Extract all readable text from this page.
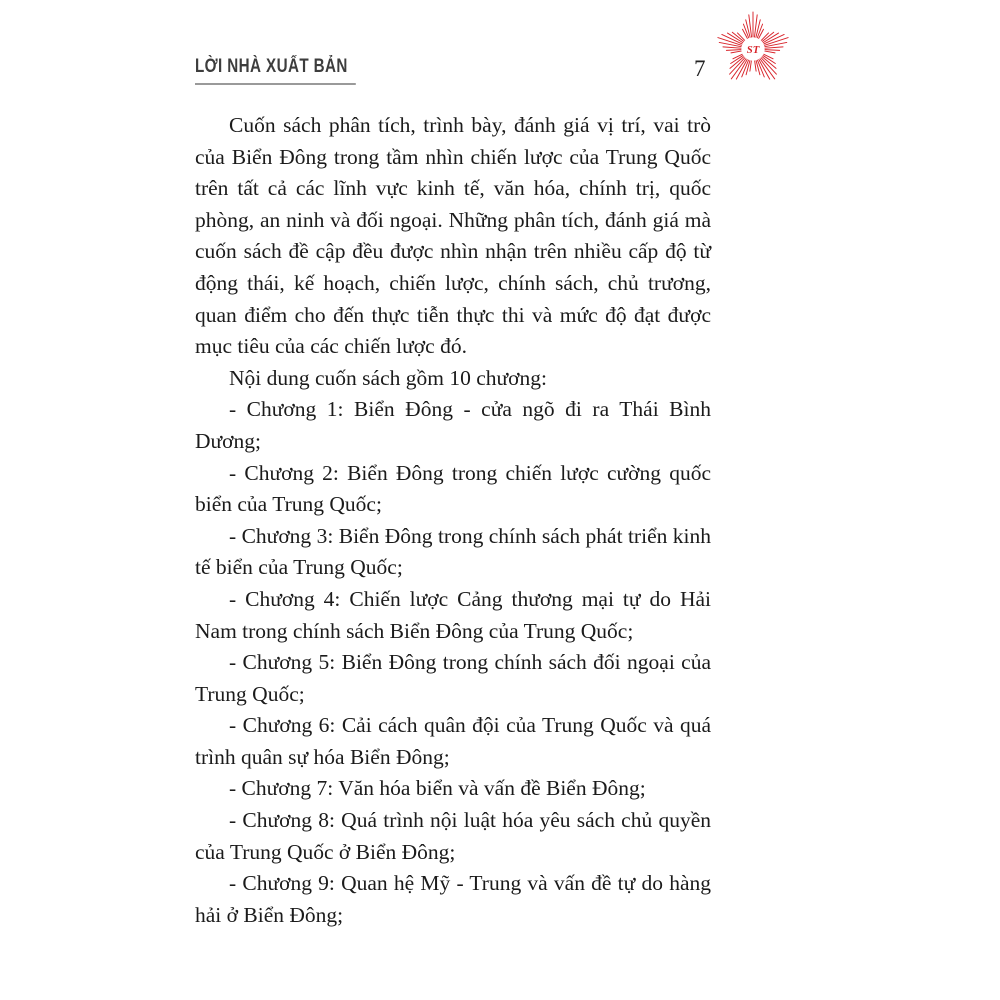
LỜI NHÀ XUẤT BẢN	7
ST

Cuốn sách phân tích, trình bày, đánh giá vị trí, vai trò của Biển Đông trong tầm nhìn chiến lược của Trung Quốc trên tất cả các lĩnh vực kinh tế, văn hóa, chính trị, quốc phòng, an ninh và đối ngoại. Những phân tích, đánh giá mà cuốn sách đề cập đều được nhìn nhận trên nhiều cấp độ từ động thái, kế hoạch, chiến lược, chính sách, chủ trương, quan điểm cho đến thực tiễn thực thi và mức độ đạt được mục tiêu của các chiến lược đó.

Nội dung cuốn sách gồm 10 chương:

- Chương 1: Biển Đông - cửa ngõ đi ra Thái Bình Dương;

- Chương 2: Biển Đông trong chiến lược cường quốc biển của Trung Quốc;

- Chương 3: Biển Đông trong chính sách phát triển kinh tế biển của Trung Quốc;

- Chương 4: Chiến lược Cảng thương mại tự do Hải Nam trong chính sách Biển Đông của Trung Quốc;

- Chương 5: Biển Đông trong chính sách đối ngoại của Trung Quốc;

- Chương 6: Cải cách quân đội của Trung Quốc và quá trình quân sự hóa Biển Đông;

- Chương 7: Văn hóa biển và vấn đề Biển Đông;

- Chương 8: Quá trình nội luật hóa yêu sách chủ quyền của Trung Quốc ở Biển Đông;

- Chương 9: Quan hệ Mỹ - Trung và vấn đề tự do hàng hải ở Biển Đông;
